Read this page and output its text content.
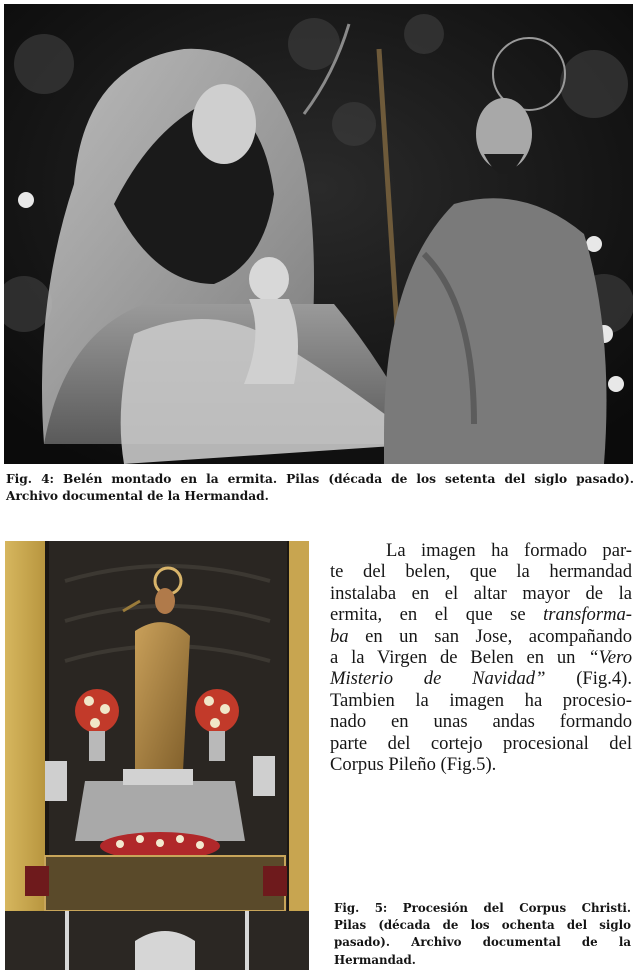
Fig. 4: Belén montado en la ermita. Pilas (década de los setenta del siglo pasado).
Archivo documental de la Hermandad.
La imagen ha formado par-
te del belen, que la hermandad
instalaba en el altar mayor de la
ermita, en el que se transforma-
ba en un san Jose, acompañando
a la Virgen de Belen en un “Vero
Misterio de Navidad” (Fig.4).
Tambien la imagen ha procesio-
nado en unas andas formando
parte del cortejo procesional del
Corpus Pileño (Fig.5).
Fig. 5: Procesión del Corpus Christi.
Pilas (década de los ochenta del siglo
pasado). Archivo documental de la
Hermandad.
